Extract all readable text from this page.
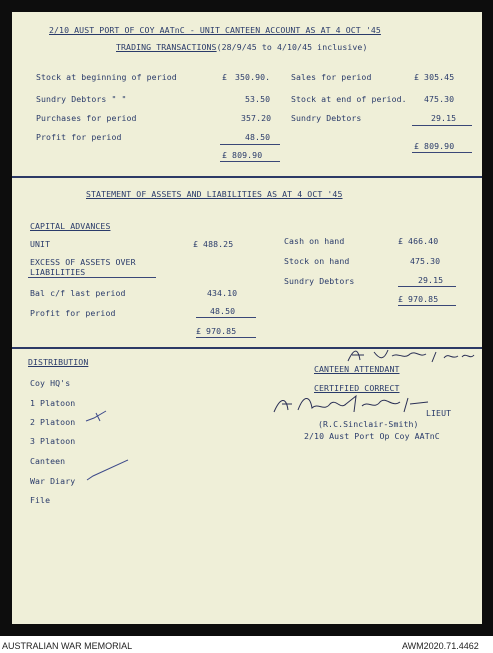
2/10 AUST PORT OF COY AATnC - UNIT CANTEEN ACCOUNT AS AT 4 OCT '45
TRADING TRANSACTIONS(28/9/45 to 4/10/45 inclusive)
Stock at beginning of period	£ 350.90.
Sundry Debtors " "	53.50
Purchases for period	357.20
Profit for period	48.50
£ 809.90
Sales for period	£ 305.45
Stock at end of period. 475.30
Sundry Debtors	29.15
£ 809.90
STATEMENT OF ASSETS AND LIABILITIES AS AT 4 OCT '45
CAPITAL ADVANCES
UNIT	£ 488.25
EXCESS OF ASSETS OVER
LIABILITIES
Bal c/f last period	434.10
Profit for period	48.50
£ 970.85
Cash on hand	£ 466.40
Stock on hand	475.30
Sundry Debtors	29.15
£ 970.85
DISTRIBUTION
Coy HQ's
1 Platoon
2 Platoon
3 Platoon
Canteen
War Diary
File
CANTEEN ATTENDANT
CERTIFIED CORRECT
LIEUT
(R.C.Sinclair-Smith)
2/10 Aust Port Op Coy AATnC
AUSTRALIAN WAR MEMORIAL	AWM2020.71.4462
